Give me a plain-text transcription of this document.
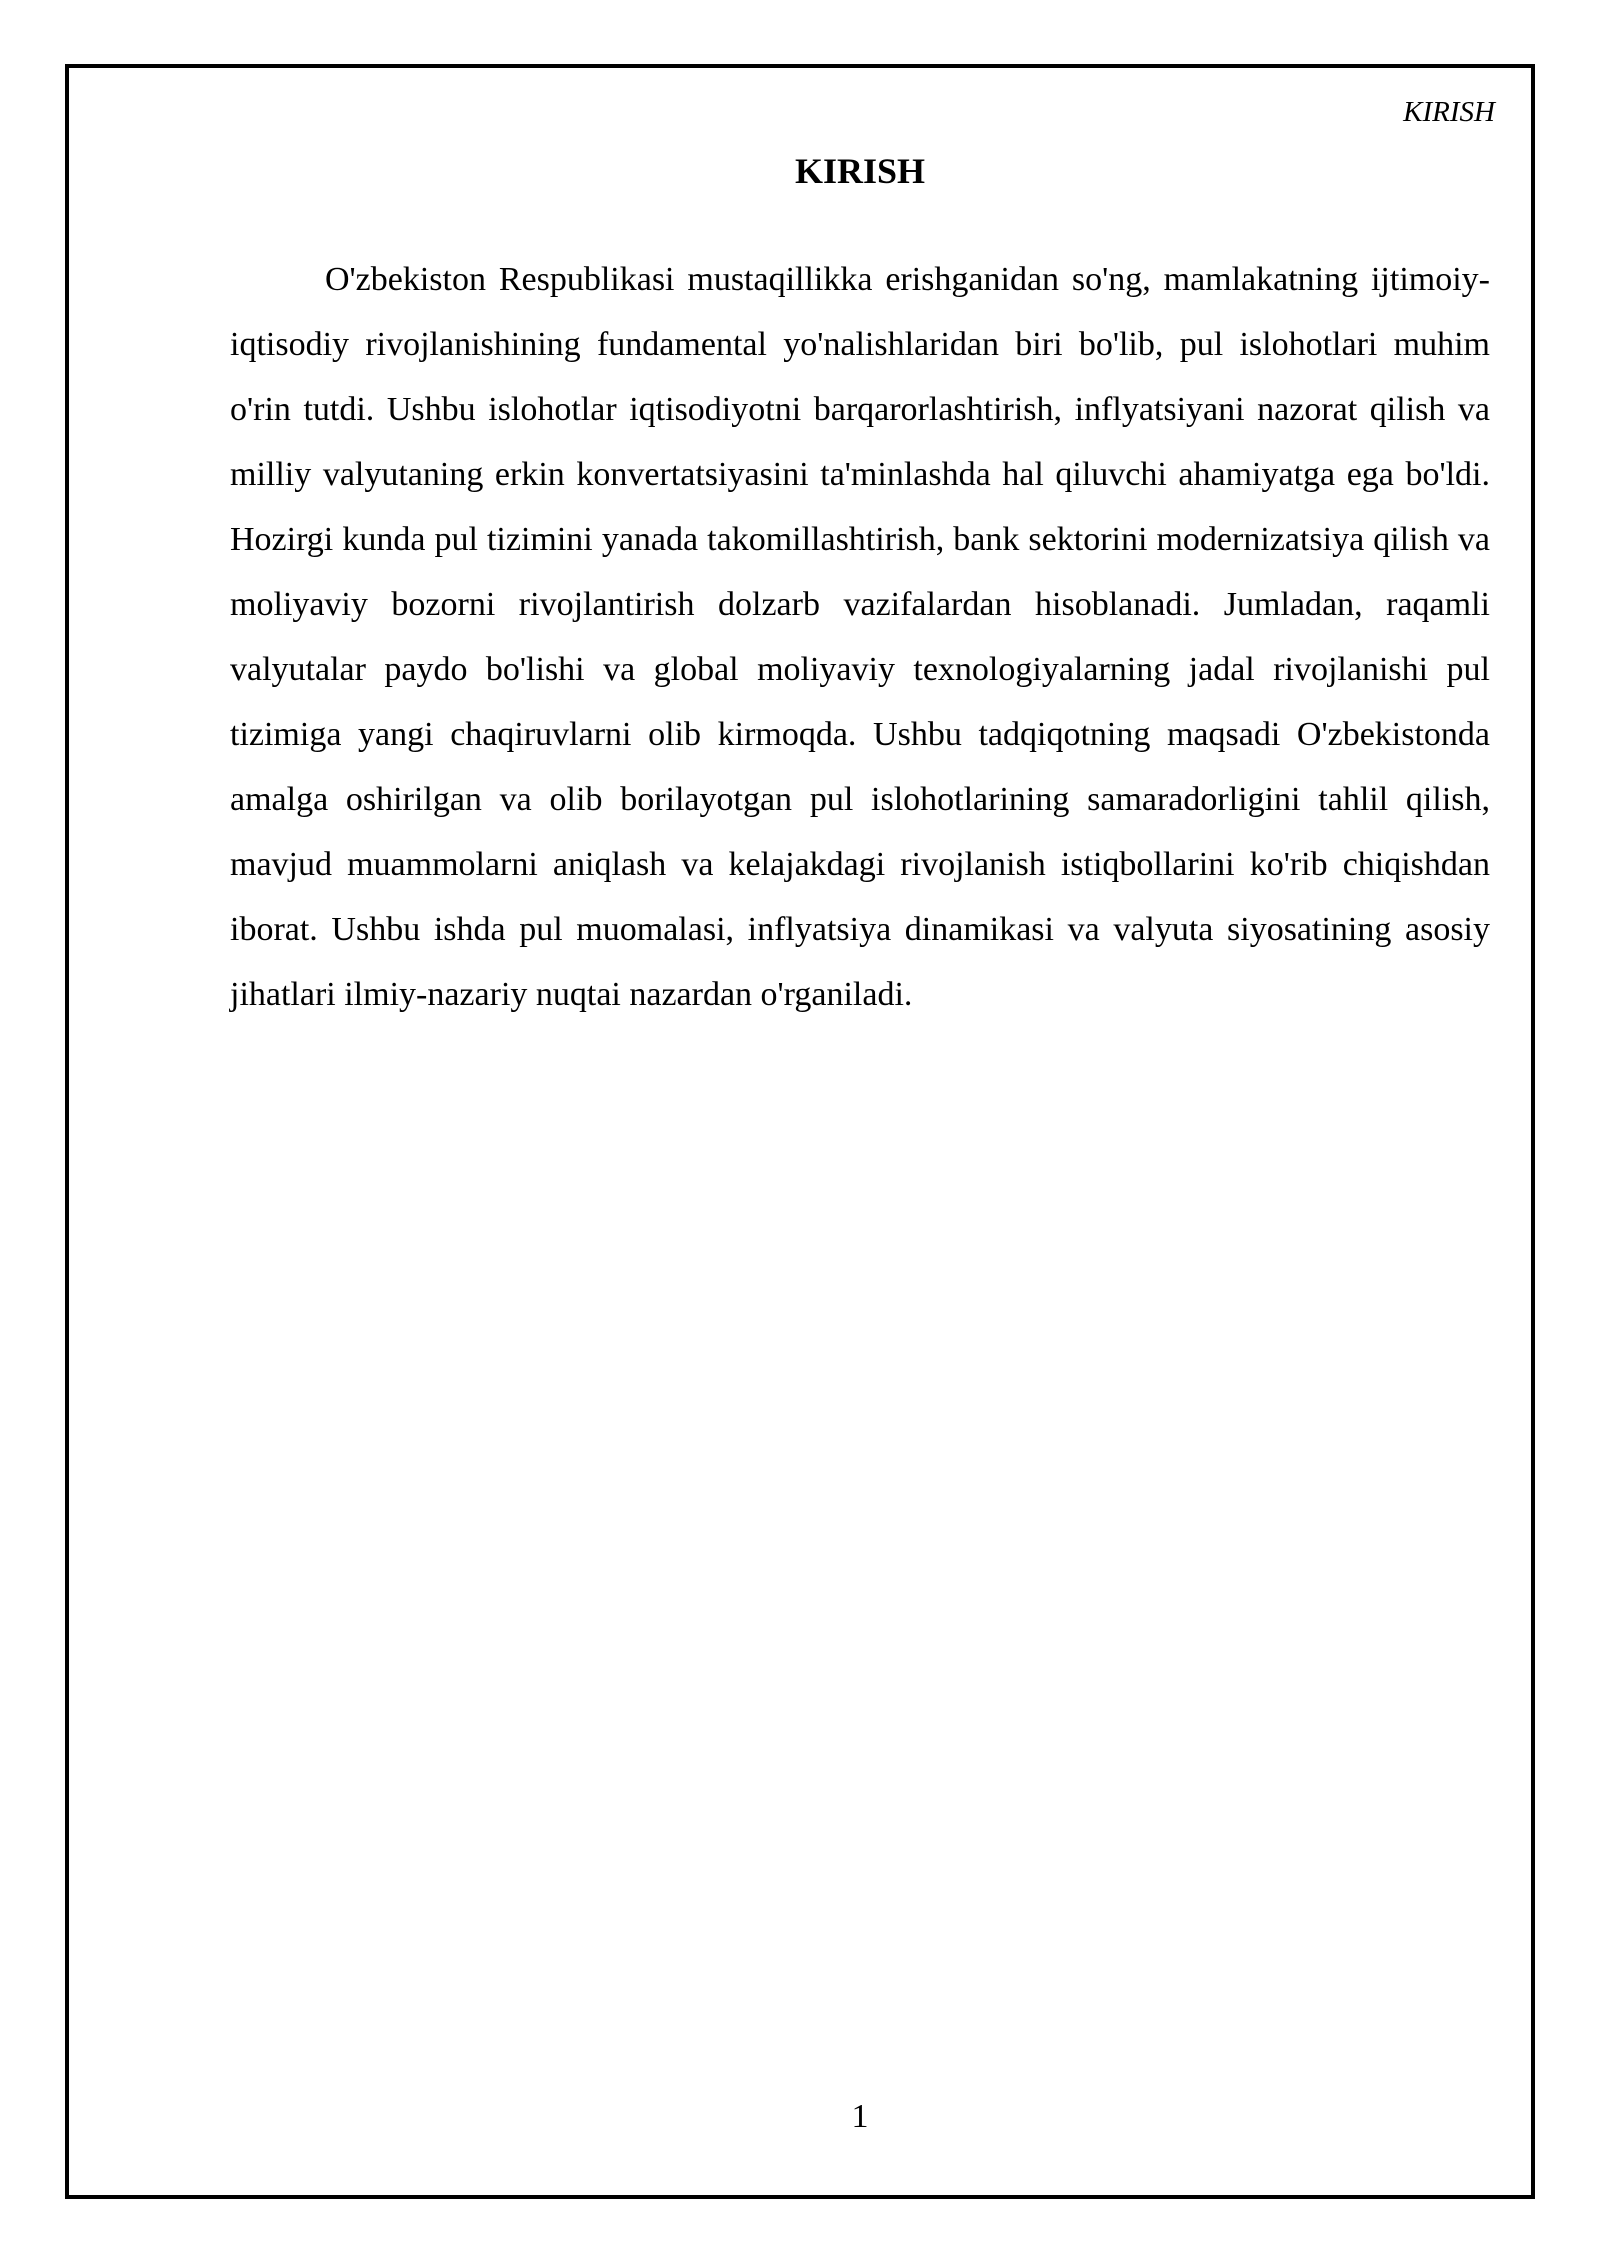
KIRISH
KIRISH

O'zbekiston Respublikasi mustaqillikka erishganidan so'ng, mamlakatning ijtimoiy-iqtisodiy rivojlanishining fundamental yo'nalishlaridan biri bo'lib, pul islohotlari muhim o'rin tutdi. Ushbu islohotlar iqtisodiyotni barqarorlashtirish, inflyatsiyani nazorat qilish va milliy valyutaning erkin konvertatsiyasini ta'minlashda hal qiluvchi ahamiyatga ega bo'ldi. Hozirgi kunda pul tizimini yanada takomillashtirish, bank sektorini modernizatsiya qilish va moliyaviy bozorni rivojlantirish dolzarb vazifalardan hisoblanadi. Jumladan, raqamli valyutalar paydo bo'lishi va global moliyaviy texnologiyalarning jadal rivojlanishi pul tizimiga yangi chaqiruvlarni olib kirmoqda. Ushbu tadqiqotning maqsadi O'zbekistonda amalga oshirilgan va olib borilayotgan pul islohotlarining samaradorligini tahlil qilish, mavjud muammolarni aniqlash va kelajakdagi rivojlanish istiqbollarini ko'rib chiqishdan iborat. Ushbu ishda pul muomalasi, inflyatsiya dinamikasi va valyuta siyosatining asosiy jihatlari ilmiy-nazariy nuqtai nazardan o'rganiladi.

1
